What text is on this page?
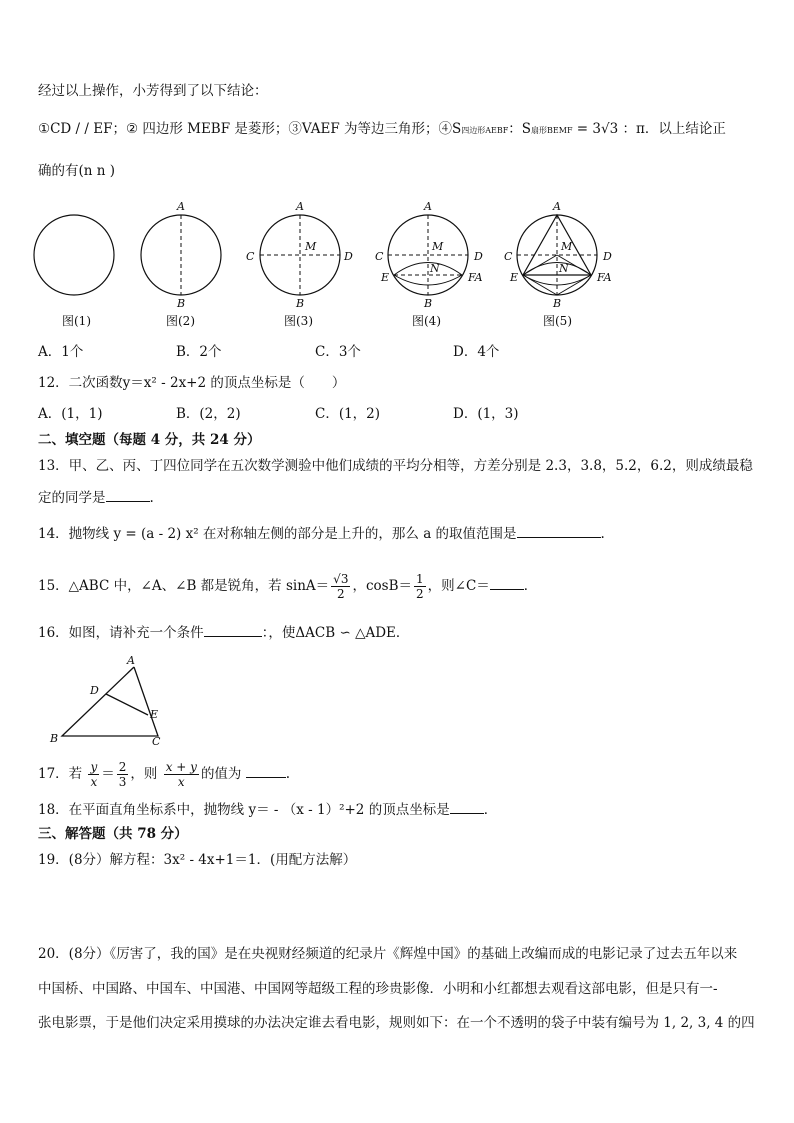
经过以上操作，小芳得到了以下结论：
①CD / / EF；② 四边形 MEBF 是菱形；③VAEF 为等边三角形；④S四边形AEBF：S扇形BEMF = 3√3 ：π．以上结论正
确的有(n n )
A
B
A
B
C	D
M
A
B
C	D
M
N
E	FA
A
B
C	D
M
N
E	FA
图(1)	图(2)	图(3)	图(4)	图(5)
A．1个	B．2个	C．3个	D．4个
12．二次函数y＝x² - 2x+2 的顶点坐标是（　　）
A．(1，1)	B．(2，2)	C．(1，2)	D．(1，3)
二、填空题（每题 4 分，共 24 分）
13．甲、乙、丙、丁四位同学在五次数学测验中他们成绩的平均分相等，方差分别是 2.3，3.8，5.2，6.2，则成绩最稳
定的同学是	.
14．抛物线 y = (a - 2) x² 在对称轴左侧的部分是上升的，那么 a 的取值范围是	.
15．△ABC 中，∠A、∠B 都是锐角，若 $\sin A= \frac{√3}{2}$ ，$\cos B= \frac{1}{2}$ ，则∠C＝	．
16．如图，请补充一个条件	：，使ΔACB ∽ △ADE．
A
D
E
B	C
17．若 $\frac{y}{x} = \frac{2}{3}$ ，则 $\frac{x + y}{x}$ 的值为	.
18．在平面直角坐标系中，抛物线 y＝ - （x - 1）²+2 的顶点坐标是	．
三、解答题（共 78 分）
19．(8分）解方程：3x² - 4x+1＝1．(用配方法解）
20．(8分）《厉害了，我的国》是在央视财经频道的纪录片《辉煌中国》的基础上改编而成的电影记录了过去五年以来
中国桥、中国路、中国车、中国港、中国网等超级工程的珍贵影像．小明和小红都想去观看这部电影，但是只有一-
张电影票，于是他们决定采用摸球的办法决定谁去看电影，规则如下：在一个不透明的袋子中装有编号为 1, 2, 3, 4 的四
